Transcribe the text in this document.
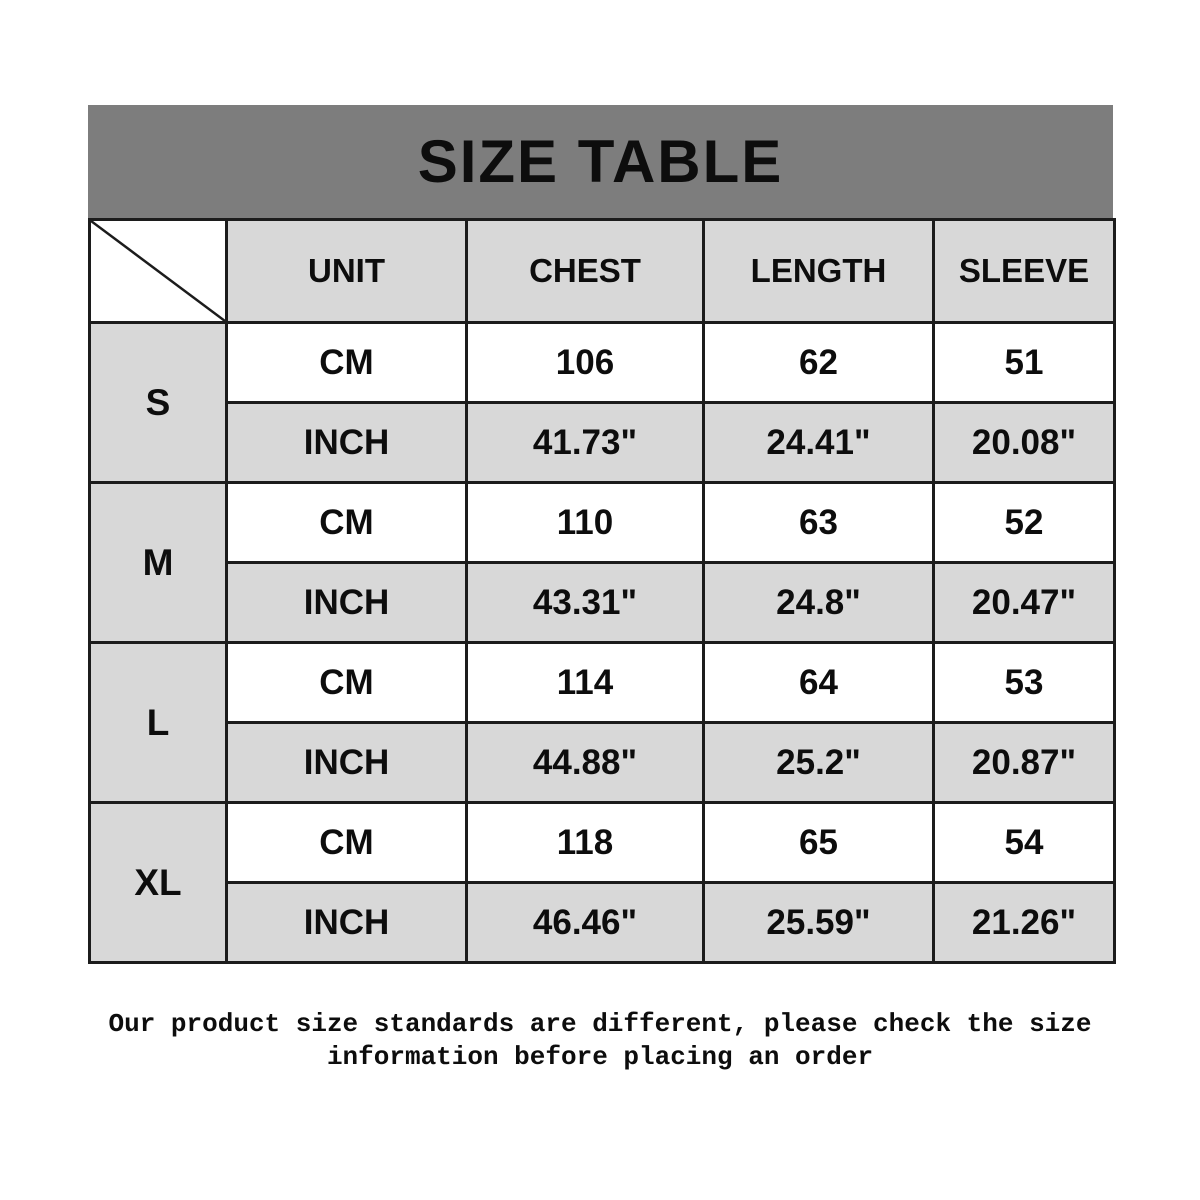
SIZE TABLE
	UNIT	CHEST	LENGTH	SLEEVE
S	CM	106	62	51
	INCH	41.73"	24.41"	20.08"
M	CM	110	63	52
	INCH	43.31"	24.8"	20.47"
L	CM	114	64	53
	INCH	44.88"	25.2"	20.87"
XL	CM	118	65	54
	INCH	46.46"	25.59"	21.26"
Our product size standards are different, please check the size
information before placing an order
